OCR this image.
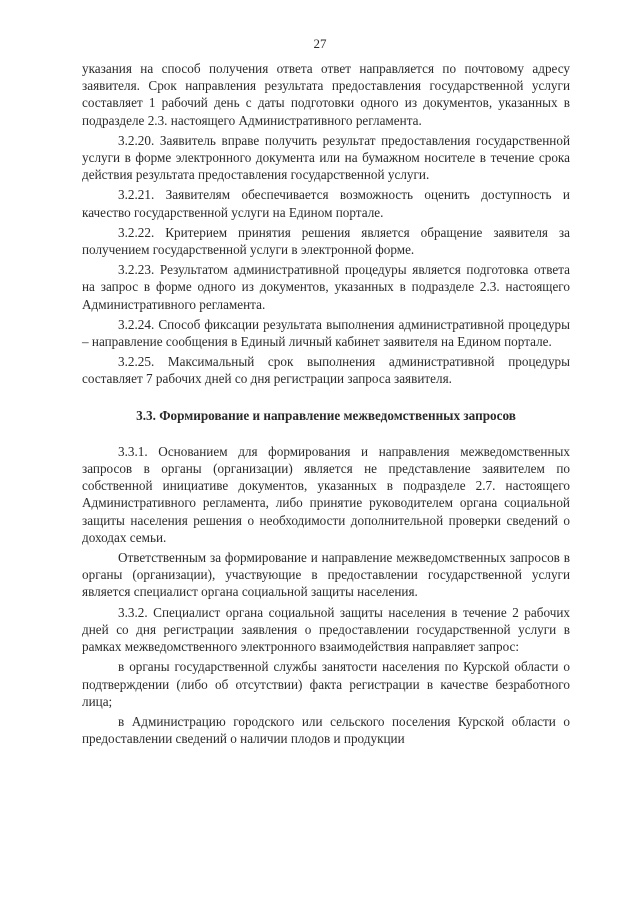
27

указания на способ получения ответа ответ направляется по почтовому адресу заявителя. Срок направления результата предоставления государственной услуги составляет 1 рабочий день с даты подготовки одного из документов, указанных в подразделе 2.3. настоящего Административного регламента.

3.2.20. Заявитель вправе получить результат предоставления государственной услуги в форме электронного документа или на бумажном носителе в течение срока действия результата предоставления государственной услуги.

3.2.21. Заявителям обеспечивается возможность оценить доступность и качество государственной услуги на Едином портале.

3.2.22. Критерием принятия решения является обращение заявителя за получением государственной услуги в электронной форме.

3.2.23. Результатом административной процедуры является подготовка ответа на запрос в форме одного из документов, указанных в подразделе 2.3. настоящего Административного регламента.

3.2.24. Способ фиксации результата выполнения административной процедуры – направление сообщения в Единый личный кабинет заявителя на Едином портале.

3.2.25. Максимальный срок выполнения административной процедуры составляет 7 рабочих дней со дня регистрации запроса заявителя.

3.3. Формирование и направление межведомственных запросов

3.3.1. Основанием для формирования и направления межведомственных запросов в органы (организации) является не представление заявителем по собственной инициативе документов, указанных в подразделе 2.7. настоящего Административного регламента, либо принятие руководителем органа социальной защиты населения решения о необходимости дополнительной проверки сведений о доходах семьи.

Ответственным за формирование и направление межведомственных запросов в органы (организации), участвующие в предоставлении государственной услуги является специалист органа социальной защиты населения.

3.3.2. Специалист органа социальной защиты населения в течение 2 рабочих дней со дня регистрации заявления о предоставлении государственной услуги в рамках межведомственного электронного взаимодействия направляет запрос:

в органы государственной службы занятости населения по Курской области о подтверждении (либо об отсутствии) факта регистрации в качестве безработного лица;

в Администрацию городского или сельского поселения Курской области о предоставлении сведений о наличии плодов и продукции
